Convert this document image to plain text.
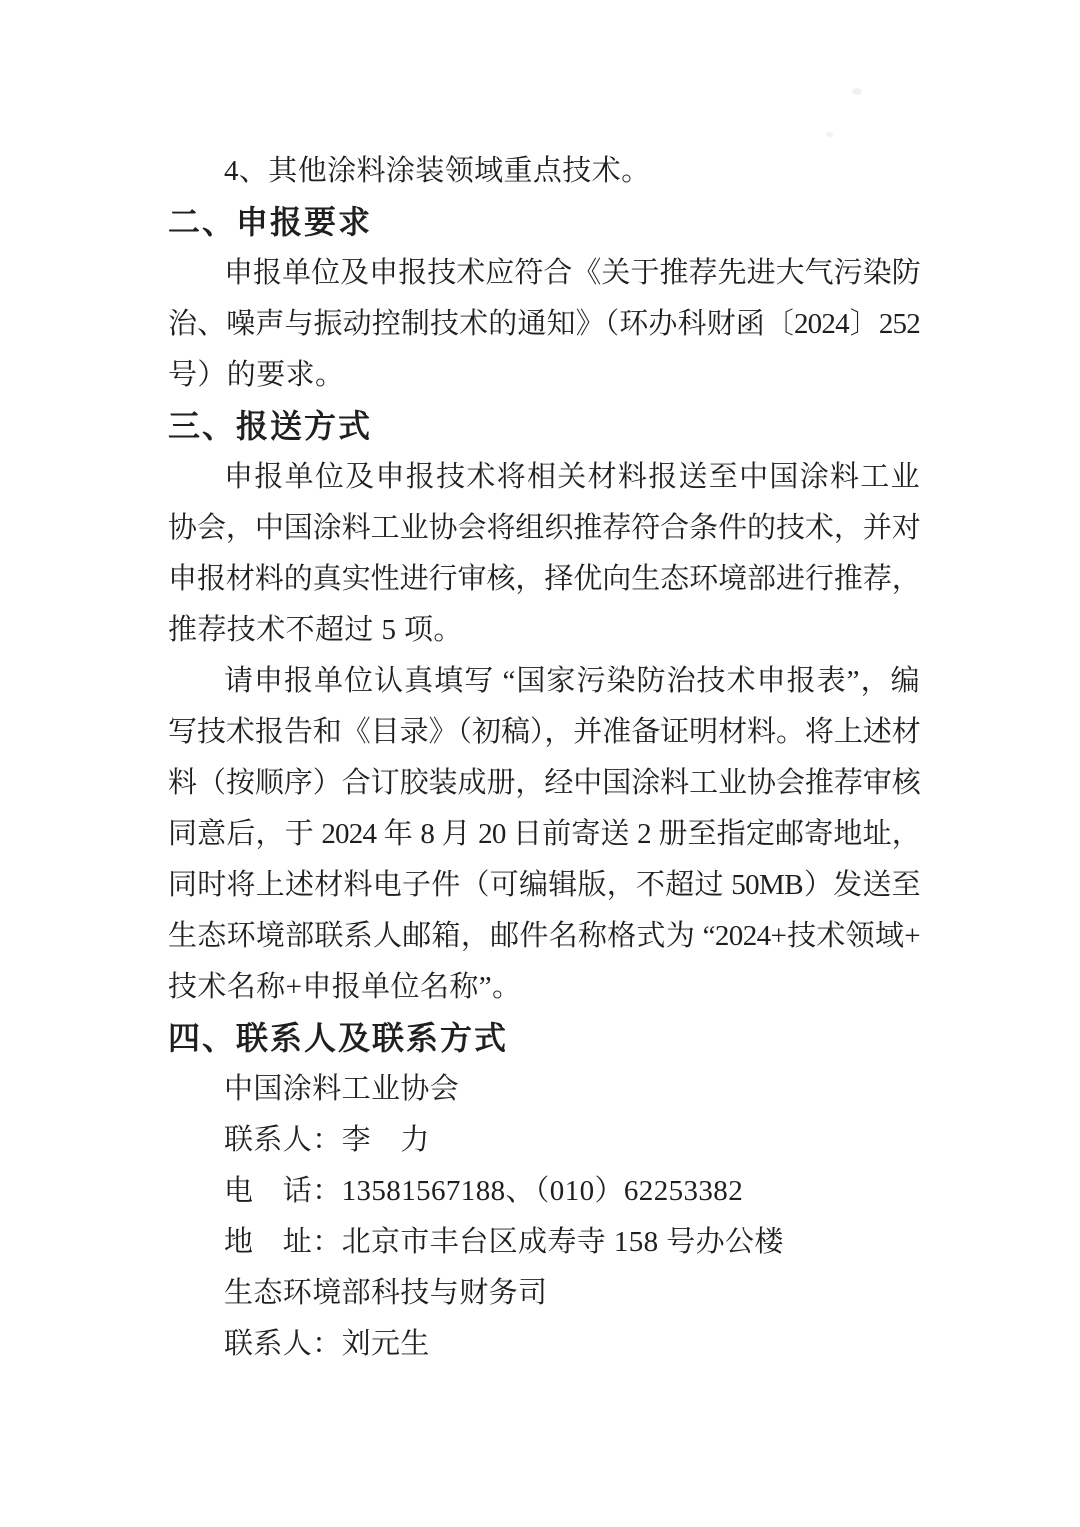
4、其他涂料涂装领域重点技术。
二、申报要求
申报单位及申报技术应符合《关于推荐先进大气污染防
治、噪声与振动控制技术的通知》（环办科财函〔2024〕252
号）的要求。
三、报送方式
申报单位及申报技术将相关材料报送至中国涂料工业
协会，中国涂料工业协会将组织推荐符合条件的技术，并对
申报材料的真实性进行审核，择优向生态环境部进行推荐，
推荐技术不超过 5 项。
请申报单位认真填写 “国家污染防治技术申报表”，编
写技术报告和《目录》（初稿），并准备证明材料。将上述材
料（按顺序）合订胶装成册，经中国涂料工业协会推荐审核
同意后，于 2024 年 8 月 20 日前寄送 2 册至指定邮寄地址，
同时将上述材料电子件（可编辑版，不超过 50MB）发送至
生态环境部联系人邮箱，邮件名称格式为 “2024+技术领域+
技术名称+申报单位名称”。
四、联系人及联系方式
中国涂料工业协会
联系人：李　力
电　话：13581567188、（010）62253382
地　址：北京市丰台区成寿寺 158 号办公楼
生态环境部科技与财务司
联系人：刘元生
